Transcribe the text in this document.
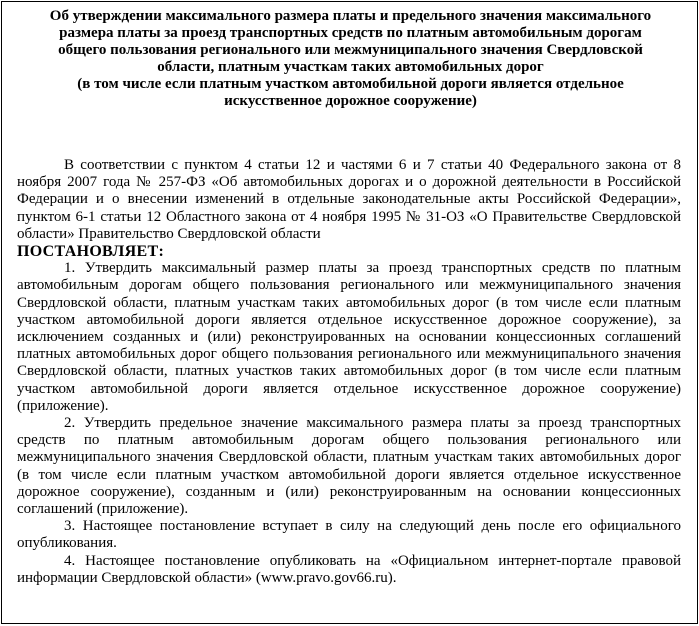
Об утверждении максимального размера платы и предельного значения максимального
размера платы за проезд транспортных средств по платным автомобильным дорогам
общего пользования регионального или межмуниципального значения Свердловской
области, платным участкам таких автомобильных дорог
(в том числе если платным участком автомобильной дороги является отдельное
искусственное дорожное сооружение)

В соответствии с пунктом 4 статьи 12 и частями 6 и 7 статьи 40 Федерального закона от 8 ноября 2007 года № 257-ФЗ «Об автомобильных дорогах и о дорожной деятельности в Российской Федерации и о внесении изменений в отдельные законодательные акты Российской Федерации», пунктом 6-1 статьи 12 Областного закона от 4 ноября 1995 № 31-ОЗ «О Правительстве Свердловской области» Правительство Свердловской области

ПОСТАНОВЛЯЕТ:

1. Утвердить максимальный размер платы за проезд транспортных средств по платным автомобильным дорогам общего пользования регионального или межмуниципального значения Свердловской области, платным участкам таких автомобильных дорог (в том числе если платным участком автомобильной дороги является отдельное искусственное дорожное сооружение), за исключением созданных и (или) реконструированных на основании концессионных соглашений платных автомобильных дорог общего пользования регионального или межмуниципального значения Свердловской области, платных участков таких автомобильных дорог (в том числе если платным участком автомобильной дороги является отдельное искусственное дорожное сооружение) (приложение).

2. Утвердить предельное значение максимального размера платы за проезд транспортных средств по платным автомобильным дорогам общего пользования регионального или межмуниципального значения Свердловской области, платным участкам таких автомобильных дорог (в том числе если платным участком автомобильной дороги является отдельное искусственное дорожное сооружение), созданным и (или) реконструированным на основании концессионных соглашений (приложение).

3. Настоящее постановление вступает в силу на следующий день после его официального опубликования.

4. Настоящее постановление опубликовать на «Официальном интернет-портале правовой информации Свердловской области» (www.pravo.gov66.ru).
